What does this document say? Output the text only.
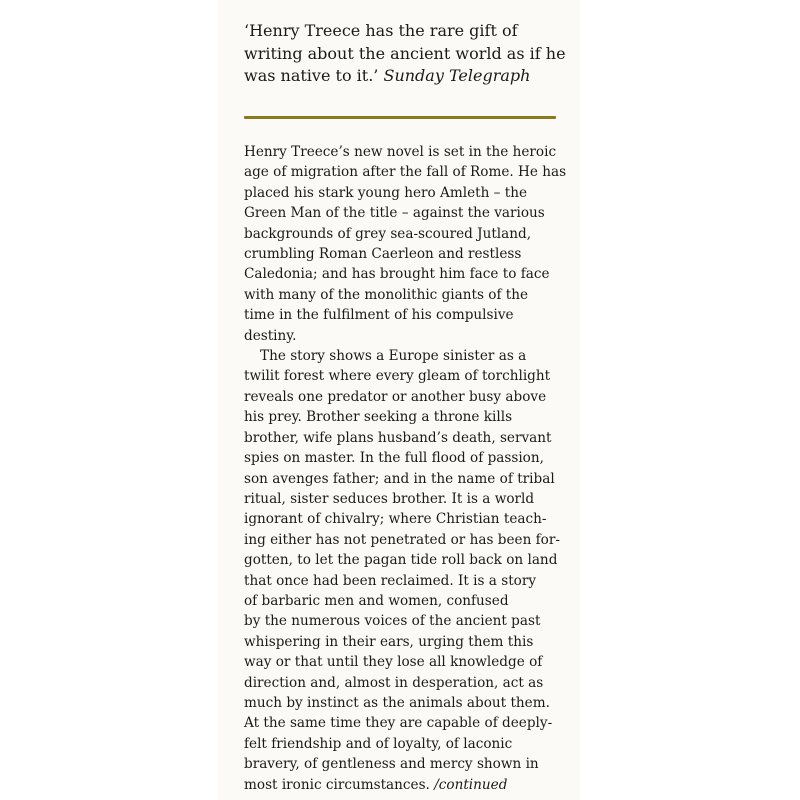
‘Henry Treece has the rare gift of
writing about the ancient world as if he
was native to it.’ Sunday Telegraph
Henry Treece’s new novel is set in the heroic
age of migration after the fall of Rome. He has
placed his stark young hero Amleth – the
Green Man of the title – against the various
backgrounds of grey sea-scoured Jutland,
crumbling Roman Caerleon and restless
Caledonia; and has brought him face to face
with many of the monolithic giants of the
time in the fulfilment of his compulsive
destiny.
The story shows a Europe sinister as a
twilit forest where every gleam of torchlight
reveals one predator or another busy above
his prey. Brother seeking a throne kills
brother, wife plans husband’s death, servant
spies on master. In the full flood of passion,
son avenges father; and in the name of tribal
ritual, sister seduces brother. It is a world
ignorant of chivalry; where Christian teach-
ing either has not penetrated or has been for-
gotten, to let the pagan tide roll back on land
that once had been reclaimed. It is a story
of barbaric men and women, confused
by the numerous voices of the ancient past
whispering in their ears, urging them this
way or that until they lose all knowledge of
direction and, almost in desperation, act as
much by instinct as the animals about them.
At the same time they are capable of deeply-
felt friendship and of loyalty, of laconic
bravery, of gentleness and mercy shown in
most ironic circumstances. /continued
